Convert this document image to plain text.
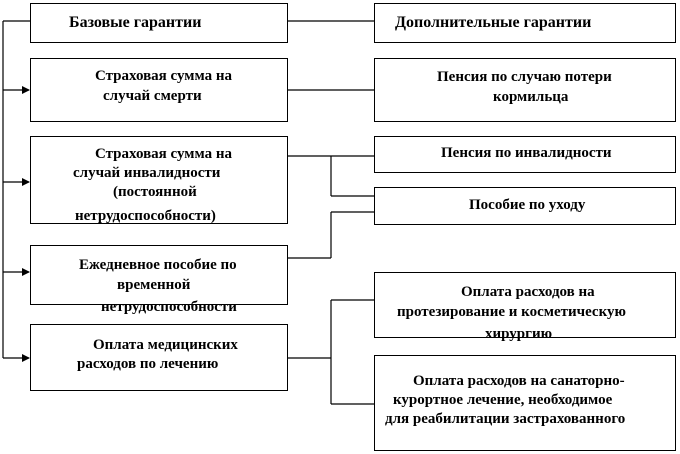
Базовые гарантии	Дополнительные гарантии
Страховая сумма на
случай смерти
Страховая сумма на
случай инвалидности
(постоянной
нетрудоспособности)
Ежедневное пособие по
временной
нетрудоспособности
Оплата медицинских
расходов по лечению
Пенсия по случаю потери
кормильца
Пенсия по инвалидности
Пособие по уходу
Оплата расходов на
протезирование и косметическую
хирургию
Оплата расходов на санаторно-
курортное лечение, необходимое
для реабилитации застрахованного
